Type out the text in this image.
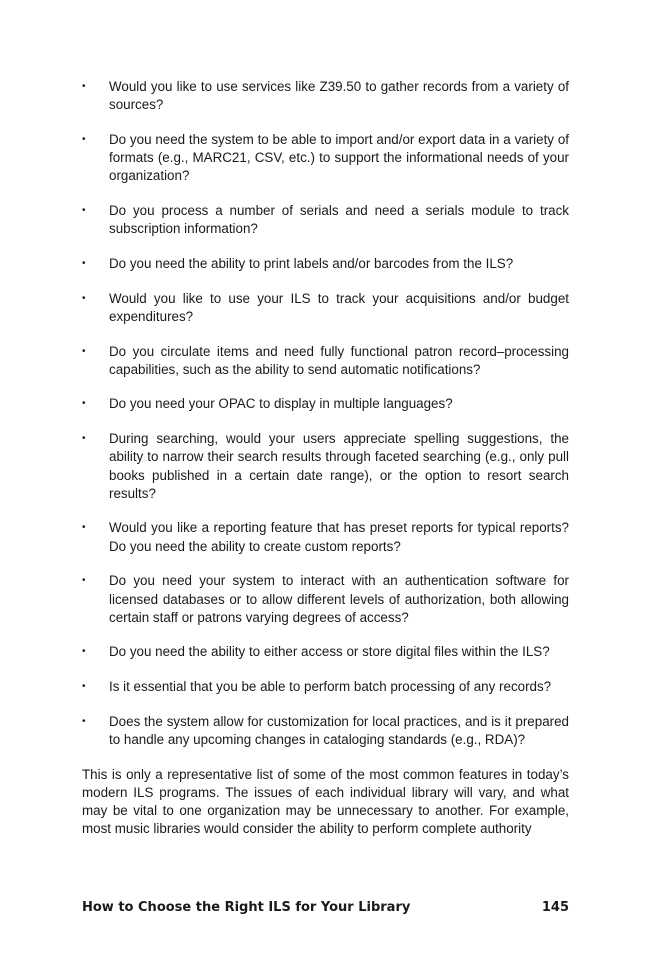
• Would you like to use services like Z39.50 to gather records from a variety of sources?
• Do you need the system to be able to import and/or export data in a variety of formats (e.g., MARC21, CSV, etc.) to support the informational needs of your organization?
• Do you process a number of serials and need a serials module to track subscription information?
• Do you need the ability to print labels and/or barcodes from the ILS?
• Would you like to use your ILS to track your acquisitions and/or budget expenditures?
• Do you circulate items and need fully functional patron record–processing capabilities, such as the ability to send automatic notifications?
• Do you need your OPAC to display in multiple languages?
• During searching, would your users appreciate spelling suggestions, the ability to narrow their search results through faceted searching (e.g., only pull books published in a certain date range), or the option to resort search results?
• Would you like a reporting feature that has preset reports for typical reports? Do you need the ability to create custom reports?
• Do you need your system to interact with an authentication software for licensed databases or to allow different levels of authorization, both allowing certain staff or patrons varying degrees of access?
• Do you need the ability to either access or store digital files within the ILS?
• Is it essential that you be able to perform batch processing of any records?
• Does the system allow for customization for local practices, and is it prepared to handle any upcoming changes in cataloging standards (e.g., RDA)?

This is only a representative list of some of the most common features in today’s modern ILS programs. The issues of each individual library will vary, and what may be vital to one organization may be unnecessary to another. For example, most music libraries would consider the ability to perform complete authority

How to Choose the Right ILS for Your Library	145
